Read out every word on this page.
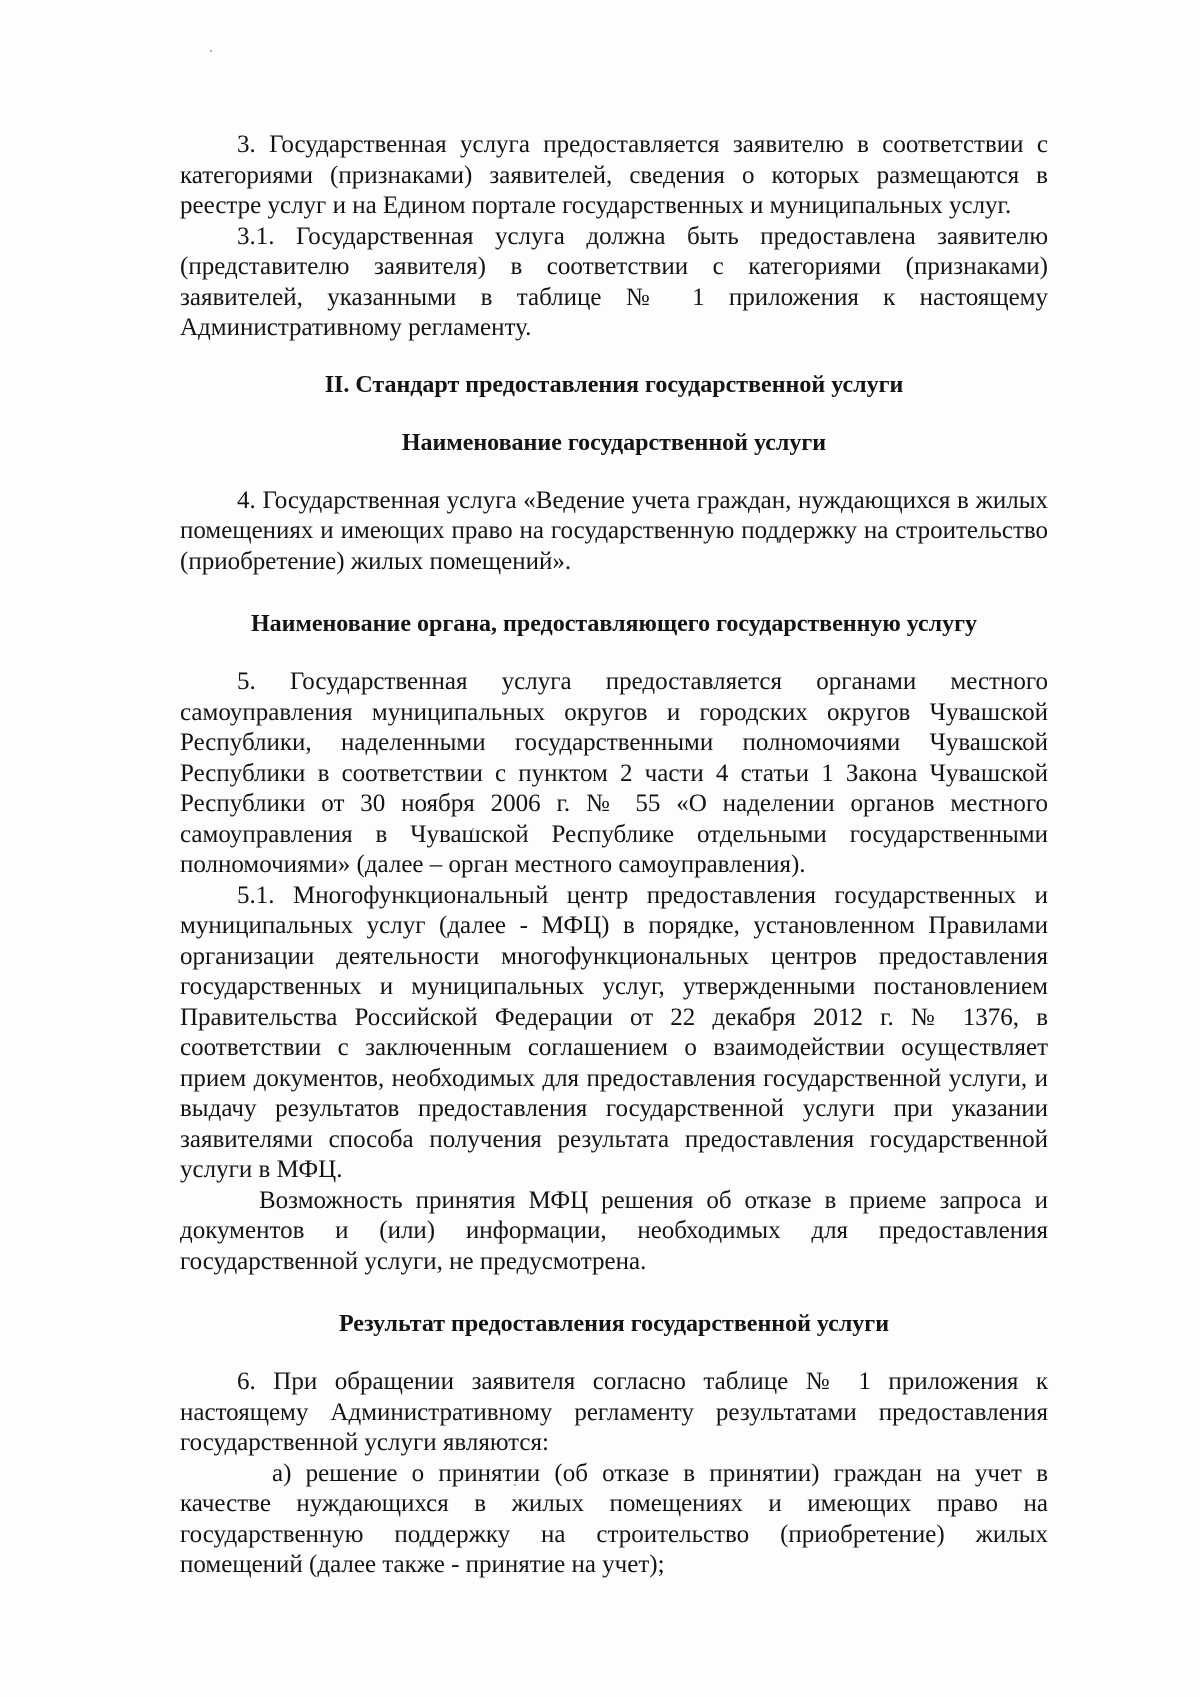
3. Государственная услуга предоставляется заявителю в соответствии с категориями (признаками) заявителей, сведения о которых размещаются в реестре услуг и на Едином портале государственных и муниципальных услуг.

3.1. Государственная услуга должна быть предоставлена заявителю (представителю заявителя) в соответствии с категориями (признаками) заявителей, указанными в таблице № 1 приложения к настоящему Административному регламенту.

II. Стандарт предоставления государственной услуги
Наименование государственной услуги

4. Государственная услуга «Ведение учета граждан, нуждающихся в жилых помещениях и имеющих право на государственную поддержку на строительство (приобретение) жилых помещений».

Наименование органа, предоставляющего государственную услугу

5. Государственная услуга предоставляется органами местного самоуправления муниципальных округов и городских округов Чувашской Республики, наделенными государственными полномочиями Чувашской Республики в соответствии с пунктом 2 части 4 статьи 1 Закона Чувашской Республики от 30 ноября 2006 г. № 55 «О наделении органов местного самоуправления в Чувашской Республике отдельными государственными полномочиями» (далее – орган местного самоуправления).

5.1. Многофункциональный центр предоставления государственных и муниципальных услуг (далее - МФЦ) в порядке, установленном Правилами организации деятельности многофункциональных центров предоставления государственных и муниципальных услуг, утвержденными постановлением Правительства Российской Федерации от 22 декабря 2012 г. № 1376, в соответствии с заключенным соглашением о взаимодействии осуществляет прием документов, необходимых для предоставления государственной услуги, и выдачу результатов предоставления государственной услуги при указании заявителями способа получения результата предоставления государственной услуги в МФЦ.

Возможность принятия МФЦ решения об отказе в приеме запроса и документов и (или) информации, необходимых для предоставления государственной услуги, не предусмотрена.

Результат предоставления государственной услуги

6. При обращении заявителя согласно таблице № 1 приложения к настоящему Административному регламенту результатами предоставления государственной услуги являются:

а) решение о принятии (об отказе в принятии) граждан на учет в качестве нуждающихся в жилых помещениях и имеющих право на государственную поддержку на строительство (приобретение) жилых помещений (далее также - принятие на учет);
